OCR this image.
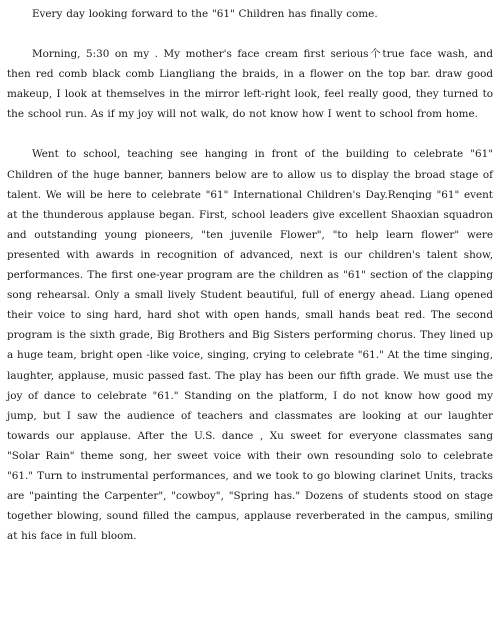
Every day looking forward to the "61" Children has finally come.

Morning, 5:30 on my . My mother's face cream first serious个true face wash, and then red comb black comb Liangliang the braids, in a flower on the top bar. draw good makeup, I look at themselves in the mirror left-right look, feel really good, they turned to the school run. As if my joy will not walk, do not know how I went to school from home.

Went to school, teaching see hanging in front of the building to celebrate "61" Children of the huge banner, banners below are to allow us to display the broad stage of talent. We will be here to celebrate "61" International Children's Day.Renqing "61" event at the thunderous applause began. First, school leaders give excellent Shaoxian squadron and outstanding young pioneers, "ten juvenile Flower", "to help learn flower" were presented with awards in recognition of advanced, next is our children's talent show, performances. The first one-year program are the children as "61" section of the clapping song rehearsal. Only a small lively Student beautiful, full of energy ahead. Liang opened their voice to sing hard, hard shot with open hands, small hands beat red. The second program is the sixth grade, Big Brothers and Big Sisters performing chorus. They lined up a huge team, bright open -like voice, singing, crying to celebrate "61." At the time singing, laughter, applause, music passed fast. The play has been our fifth grade. We must use the joy of dance to celebrate "61." Standing on the platform, I do not know how good my jump, but I saw the audience of teachers and classmates are looking at our laughter towards our applause. After the U.S. dance , Xu sweet for everyone classmates sang "Solar Rain" theme song, her sweet voice with their own resounding solo to celebrate "61." Turn to instrumental performances, and we took to go blowing clarinet Units, tracks are "painting the Carpenter", "cowboy", "Spring has." Dozens of students stood on stage together blowing, sound filled the campus, applause reverberated in the campus, smiling at his face in full bloom.
